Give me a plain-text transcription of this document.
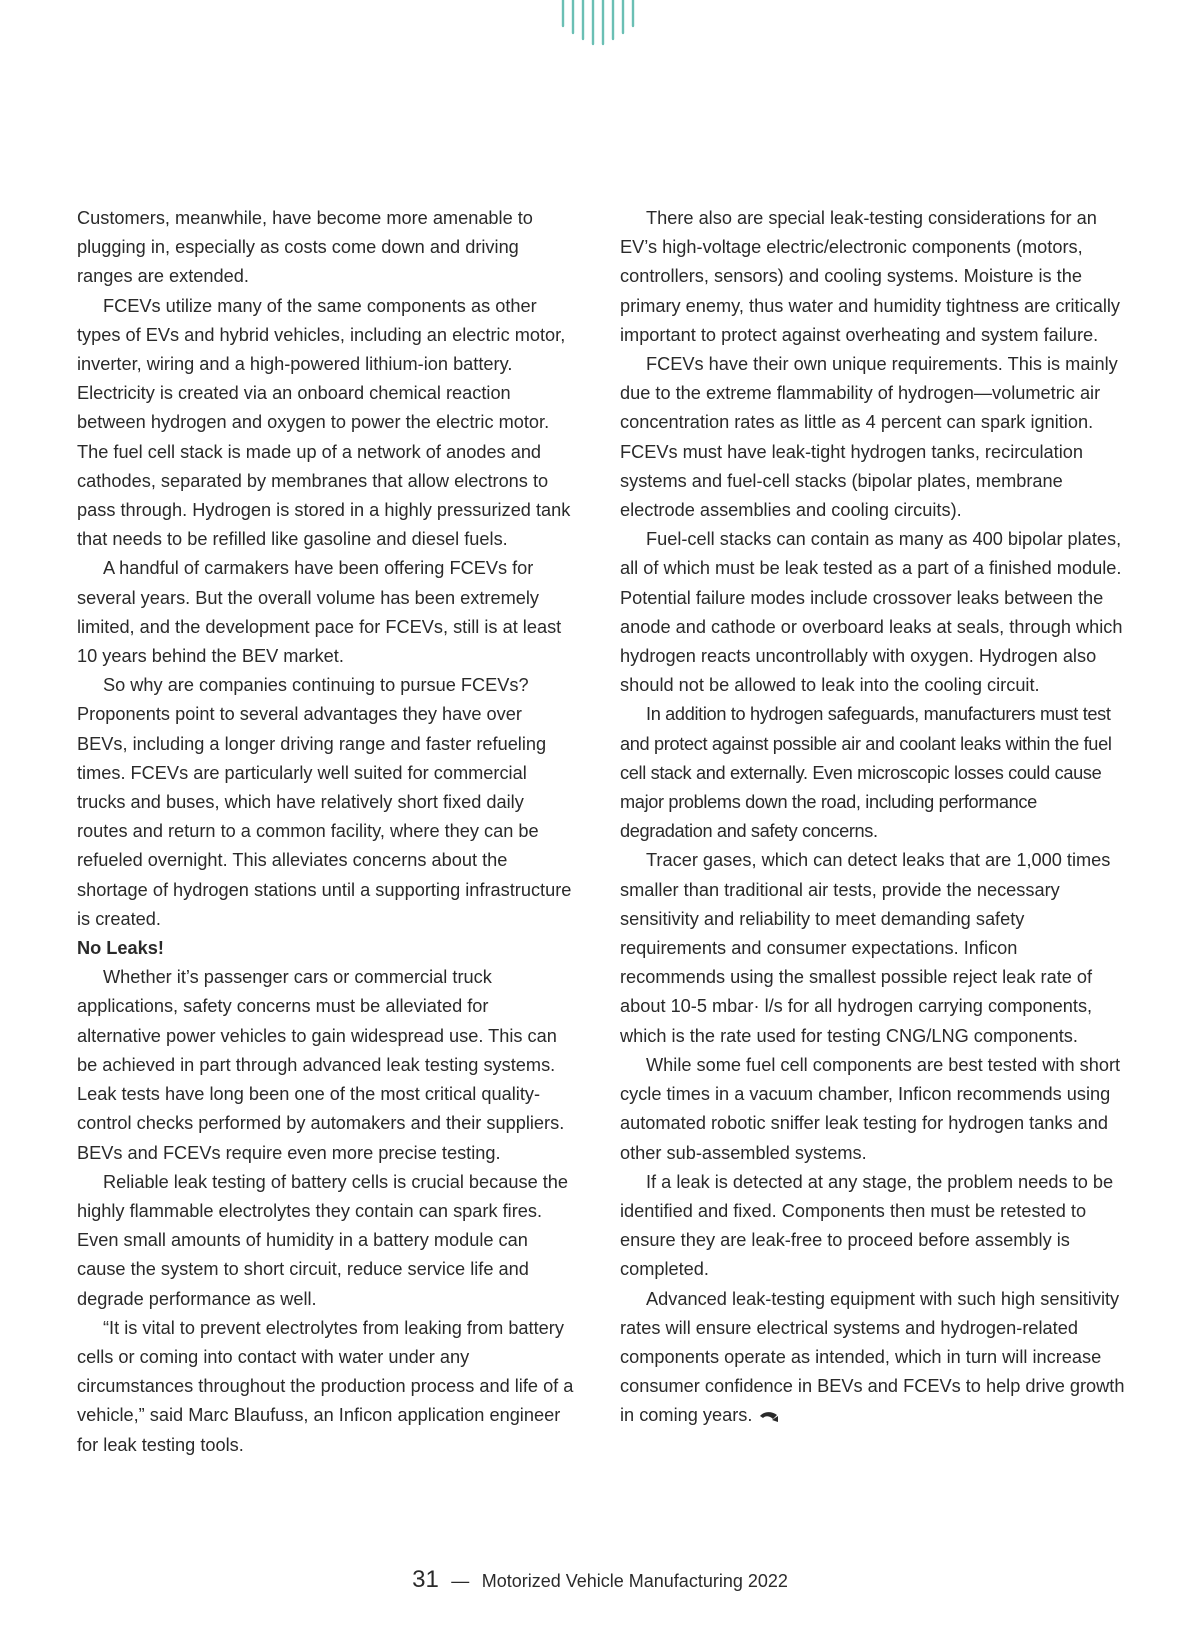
Customers, meanwhile, have become more amenable to plugging in, especially as costs come down and driving ranges are extended.

FCEVs utilize many of the same components as other types of EVs and hybrid vehicles, including an electric motor, inverter, wiring and a high-powered lithium-ion battery. Electricity is created via an onboard chemical reaction between hydrogen and oxygen to power the electric motor. The fuel cell stack is made up of a network of anodes and cathodes, separated by membranes that allow electrons to pass through. Hydrogen is stored in a highly pressurized tank that needs to be refilled like gasoline and diesel fuels.

A handful of carmakers have been offering FCEVs for several years. But the overall volume has been extremely limited, and the development pace for FCEVs, still is at least 10 years behind the BEV market.

So why are companies continuing to pursue FCEVs? Proponents point to several advantages they have over BEVs, including a longer driving range and faster refueling times. FCEVs are particularly well suited for commercial trucks and buses, which have relatively short fixed daily routes and return to a common facility, where they can be refueled overnight. This alleviates concerns about the shortage of hydrogen stations until a supporting infrastructure is created.

No Leaks!

Whether it’s passenger cars or commercial truck applications, safety concerns must be alleviated for alternative power vehicles to gain widespread use. This can be achieved in part through advanced leak testing systems. Leak tests have long been one of the most critical quality-control checks performed by automakers and their suppliers. BEVs and FCEVs require even more precise testing.

Reliable leak testing of battery cells is crucial because the highly flammable electrolytes they contain can spark fires. Even small amounts of humidity in a battery module can cause the system to short circuit, reduce service life and degrade performance as well.

“It is vital to prevent electrolytes from leaking from battery cells or coming into contact with water under any circumstances throughout the production process and life of a vehicle,” said Marc Blaufuss, an Inficon application engineer for leak testing tools.

There also are special leak-testing considerations for an EV’s high-voltage electric/electronic components (motors, controllers, sensors) and cooling systems. Moisture is the primary enemy, thus water and humidity tightness are critically important to protect against overheating and system failure.

FCEVs have their own unique requirements. This is mainly due to the extreme flammability of hydrogen—volumetric air concentration rates as little as 4 percent can spark ignition. FCEVs must have leak-tight hydrogen tanks, recirculation systems and fuel-cell stacks (bipolar plates, membrane electrode assemblies and cooling circuits).

Fuel-cell stacks can contain as many as 400 bipolar plates, all of which must be leak tested as a part of a finished module. Potential failure modes include crossover leaks between the anode and cathode or overboard leaks at seals, through which hydrogen reacts uncontrollably with oxygen. Hydrogen also should not be allowed to leak into the cooling circuit.

In addition to hydrogen safeguards, manufacturers must test and protect against possible air and coolant leaks within the fuel cell stack and externally. Even microscopic losses could cause major problems down the road, including performance degradation and safety concerns.

Tracer gases, which can detect leaks that are 1,000 times smaller than traditional air tests, provide the necessary sensitivity and reliability to meet demanding safety requirements and consumer expectations. Inficon recommends using the smallest possible reject leak rate of about 10-5 mbar· l/s for all hydrogen carrying components, which is the rate used for testing CNG/LNG components.

While some fuel cell components are best tested with short cycle times in a vacuum chamber, Inficon recommends using automated robotic sniffer leak testing for hydrogen tanks and other sub-assembled systems.

If a leak is detected at any stage, the problem needs to be identified and fixed. Components then must be retested to ensure they are leak-free to proceed before assembly is completed.

Advanced leak-testing equipment with such high sensitivity rates will ensure electrical systems and hydrogen-related components operate as intended, which in turn will increase consumer confidence in BEVs and FCEVs to help drive growth in coming years.

31 — Motorized Vehicle Manufacturing 2022
